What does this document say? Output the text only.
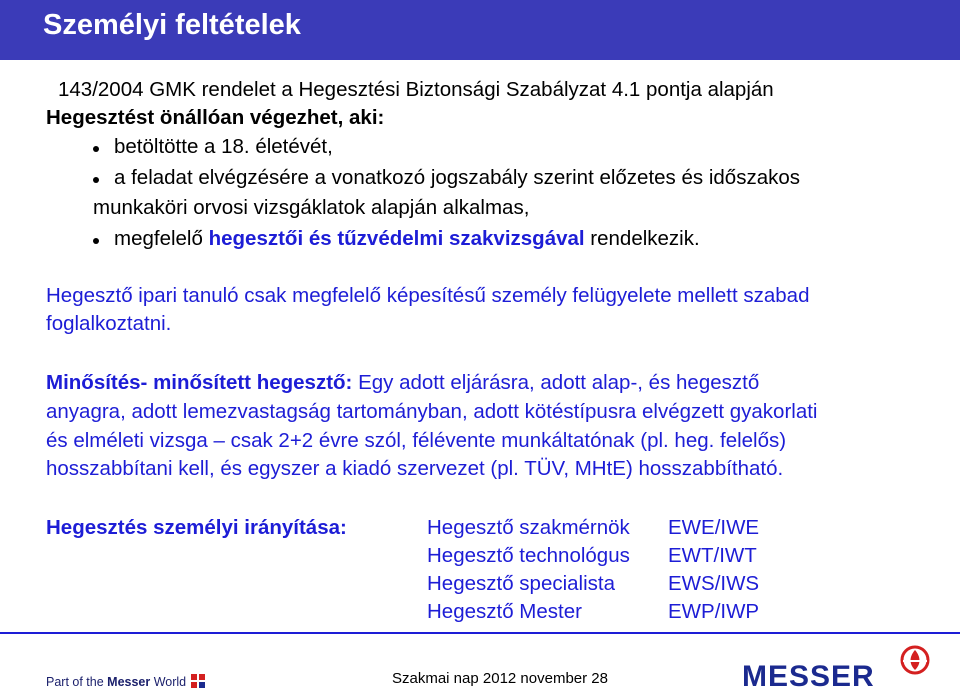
Személyi feltételek
143/2004 GMK rendelet a Hegesztési Biztonsági Szabályzat 4.1 pontja alapján
Hegesztést önállóan végezhet, aki:
betöltötte a 18. életévét,
a feladat elvégzésére a vonatkozó jogszabály szerint előzetes és időszakos
munkaköri orvosi vizsgáklatok alapján alkalmas,
megfelelő hegesztői és tűzvédelmi szakvizsgával rendelkezik.
Hegesztő ipari tanuló csak megfelelő képesítésű személy felügyelete mellett szabad
foglalkoztatni.
Minősítés- minősített hegesztő: Egy adott eljárásra, adott alap-, és hegesztő
anyagra, adott lemezvastagság tartományban, adott kötéstípusra elvégzett gyakorlati
és elméleti vizsga – csak 2+2 évre szól, félévente munkáltatónak (pl. heg. felelős)
hosszabbítani kell, és egyszer a kiadó szervezet (pl. TÜV, MHtE) hosszabbítható.
Hegesztés személyi irányítása:	Hegesztő szakmérnök EWE/IWE
Hegesztő technológus EWT/IWT
Hegesztő specialista	EWS/IWS
Hegesztő Mester	EWP/IWP
Part of the Messer World	Szakmai nap 2012 november 28	MESSER
